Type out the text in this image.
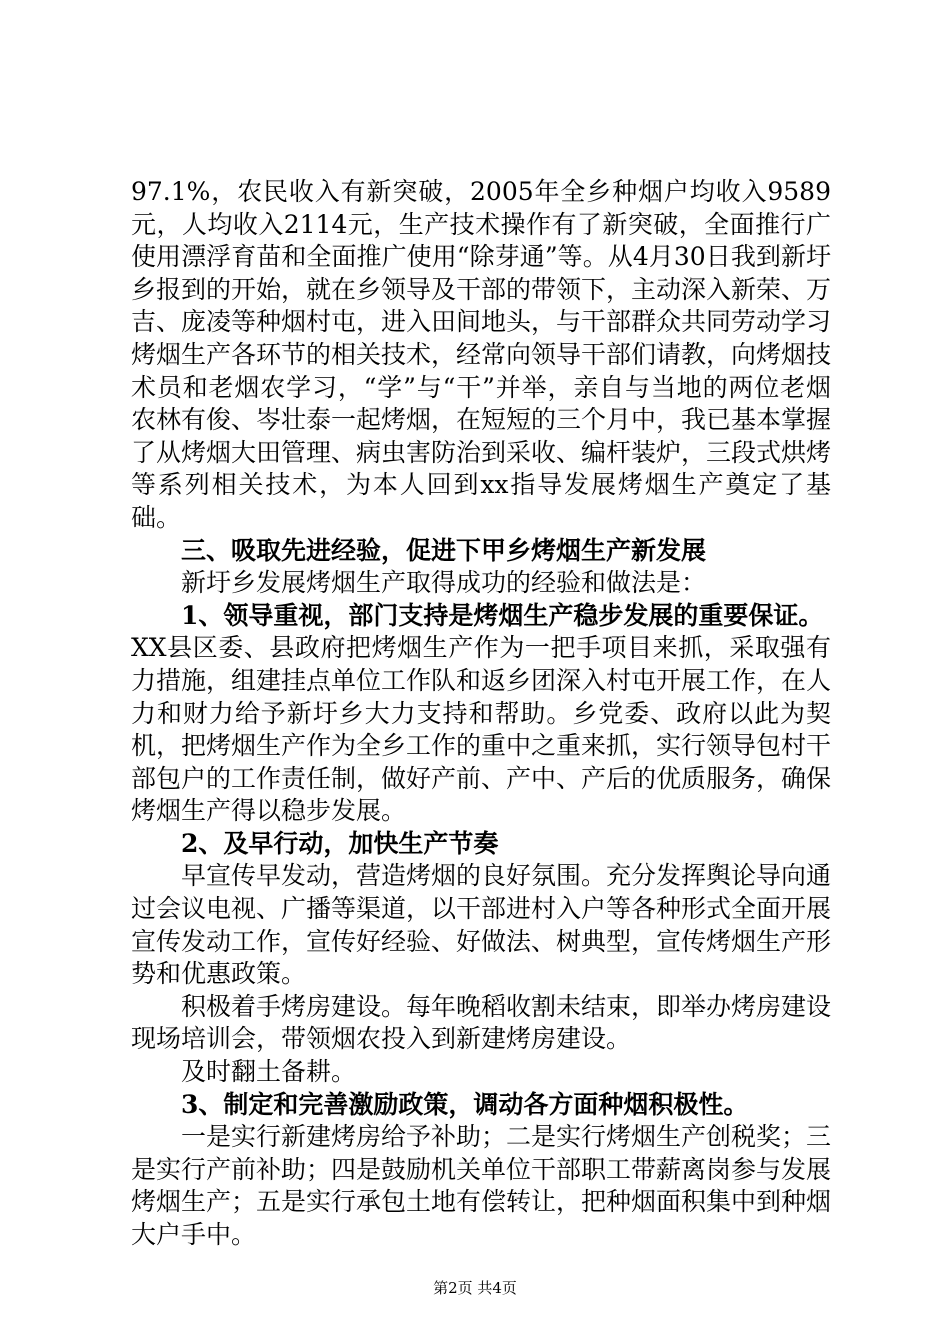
97.1%，农民收入有新突破，2005年全乡种烟户均收入9589元，人均收入2114元，生产技术操作有了新突破，全面推行广使用漂浮育苗和全面推广使用“除芽通”等。从4月30日我到新圩乡报到的开始，就在乡领导及干部的带领下，主动深入新荣、万吉、庞凌等种烟村屯，进入田间地头，与干部群众共同劳动学习烤烟生产各环节的相关技术，经常向领导干部们请教，向烤烟技术员和老烟农学习，“学”与“干”并举，亲自与当地的两位老烟农林有俊、岑壮泰一起烤烟，在短短的三个月中，我已基本掌握了从烤烟大田管理、病虫害防治到采收、编杆装炉，三段式烘烤等系列相关技术，为本人回到xx指导发展烤烟生产奠定了基础。

三、吸取先进经验，促进下甲乡烤烟生产新发展

新圩乡发展烤烟生产取得成功的经验和做法是：

1、领导重视，部门支持是烤烟生产稳步发展的重要保证。

XX县区委、县政府把烤烟生产作为一把手项目来抓，采取强有力措施，组建挂点单位工作队和返乡团深入村屯开展工作，在人力和财力给予新圩乡大力支持和帮助。乡党委、政府以此为契机，把烤烟生产作为全乡工作的重中之重来抓，实行领导包村干部包户的工作责任制，做好产前、产中、产后的优质服务，确保烤烟生产得以稳步发展。

2、及早行动，加快生产节奏

早宣传早发动，营造烤烟的良好氛围。充分发挥舆论导向通过会议电视、广播等渠道，以干部进村入户等各种形式全面开展宣传发动工作，宣传好经验、好做法、树典型，宣传烤烟生产形势和优惠政策。

积极着手烤房建设。每年晚稻收割未结束，即举办烤房建设现场培训会，带领烟农投入到新建烤房建设。

及时翻土备耕。

3、制定和完善激励政策，调动各方面种烟积极性。

一是实行新建烤房给予补助；二是实行烤烟生产创税奖；三是实行产前补助；四是鼓励机关单位干部职工带薪离岗参与发展烤烟生产；五是实行承包土地有偿转让，把种烟面积集中到种烟大户手中。

第2页 共4页
